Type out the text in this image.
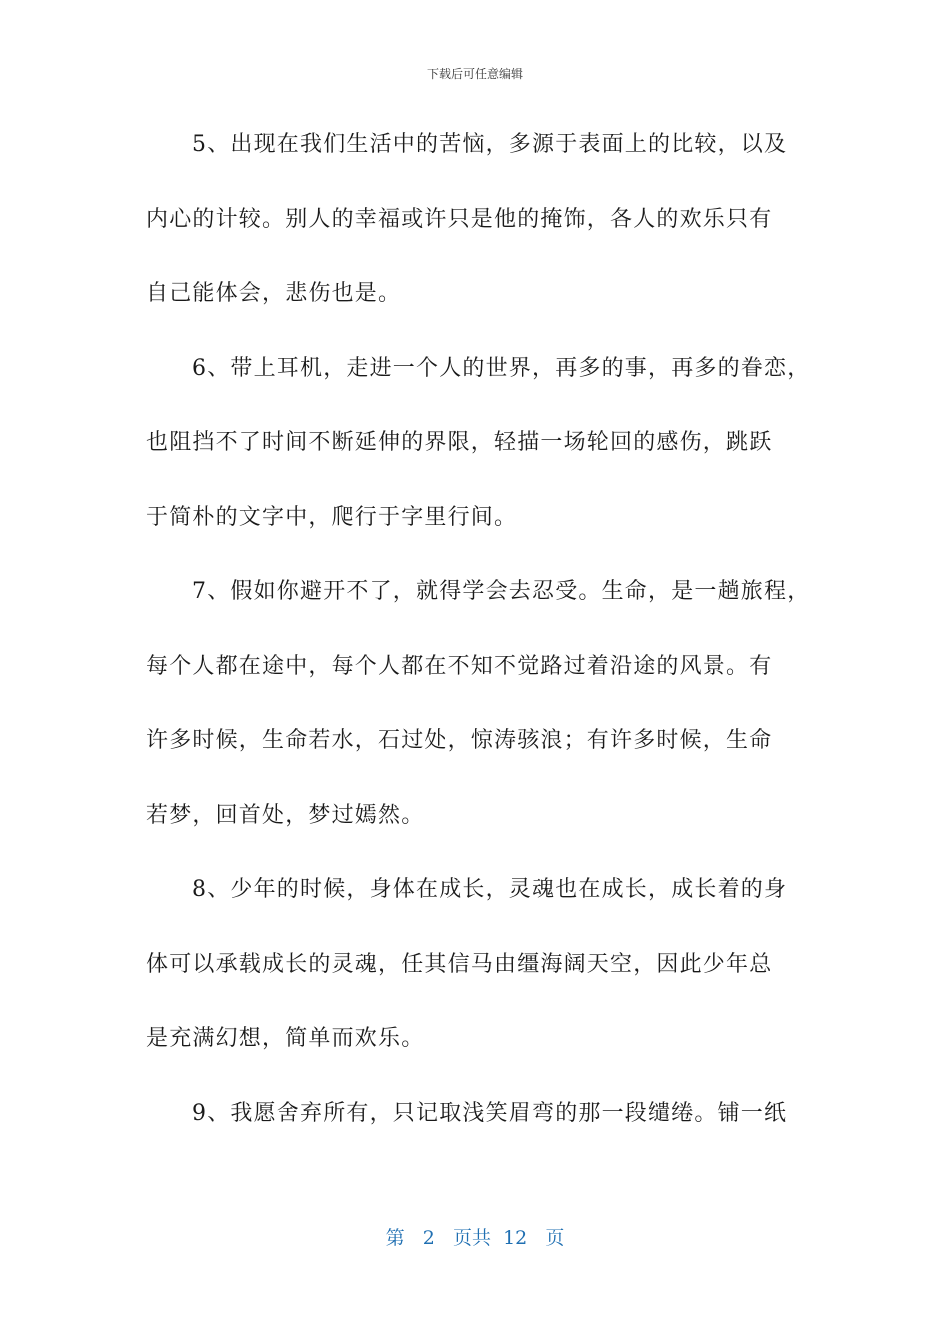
下载后可任意编辑
5、出现在我们生活中的苦恼，多源于表面上的比较，以及
内心的计较。别人的幸福或许只是他的掩饰，各人的欢乐只有
自己能体会，悲伤也是。
6、带上耳机，走进一个人的世界，再多的事，再多的眷恋，
也阻挡不了时间不断延伸的界限，轻描一场轮回的感伤，跳跃
于简朴的文字中，爬行于字里行间。
7、假如你避开不了，就得学会去忍受。生命，是一趟旅程，
每个人都在途中，每个人都在不知不觉路过着沿途的风景。有
许多时候，生命若水，石过处，惊涛骇浪；有许多时候，生命
若梦，回首处，梦过嫣然。
8、少年的时候，身体在成长，灵魂也在成长，成长着的身
体可以承载成长的灵魂，任其信马由缰海阔天空，因此少年总
是充满幻想，简单而欢乐。
9、我愿舍弃所有，只记取浅笑眉弯的那一段缱绻。铺一纸
第 2 页共 12 页
